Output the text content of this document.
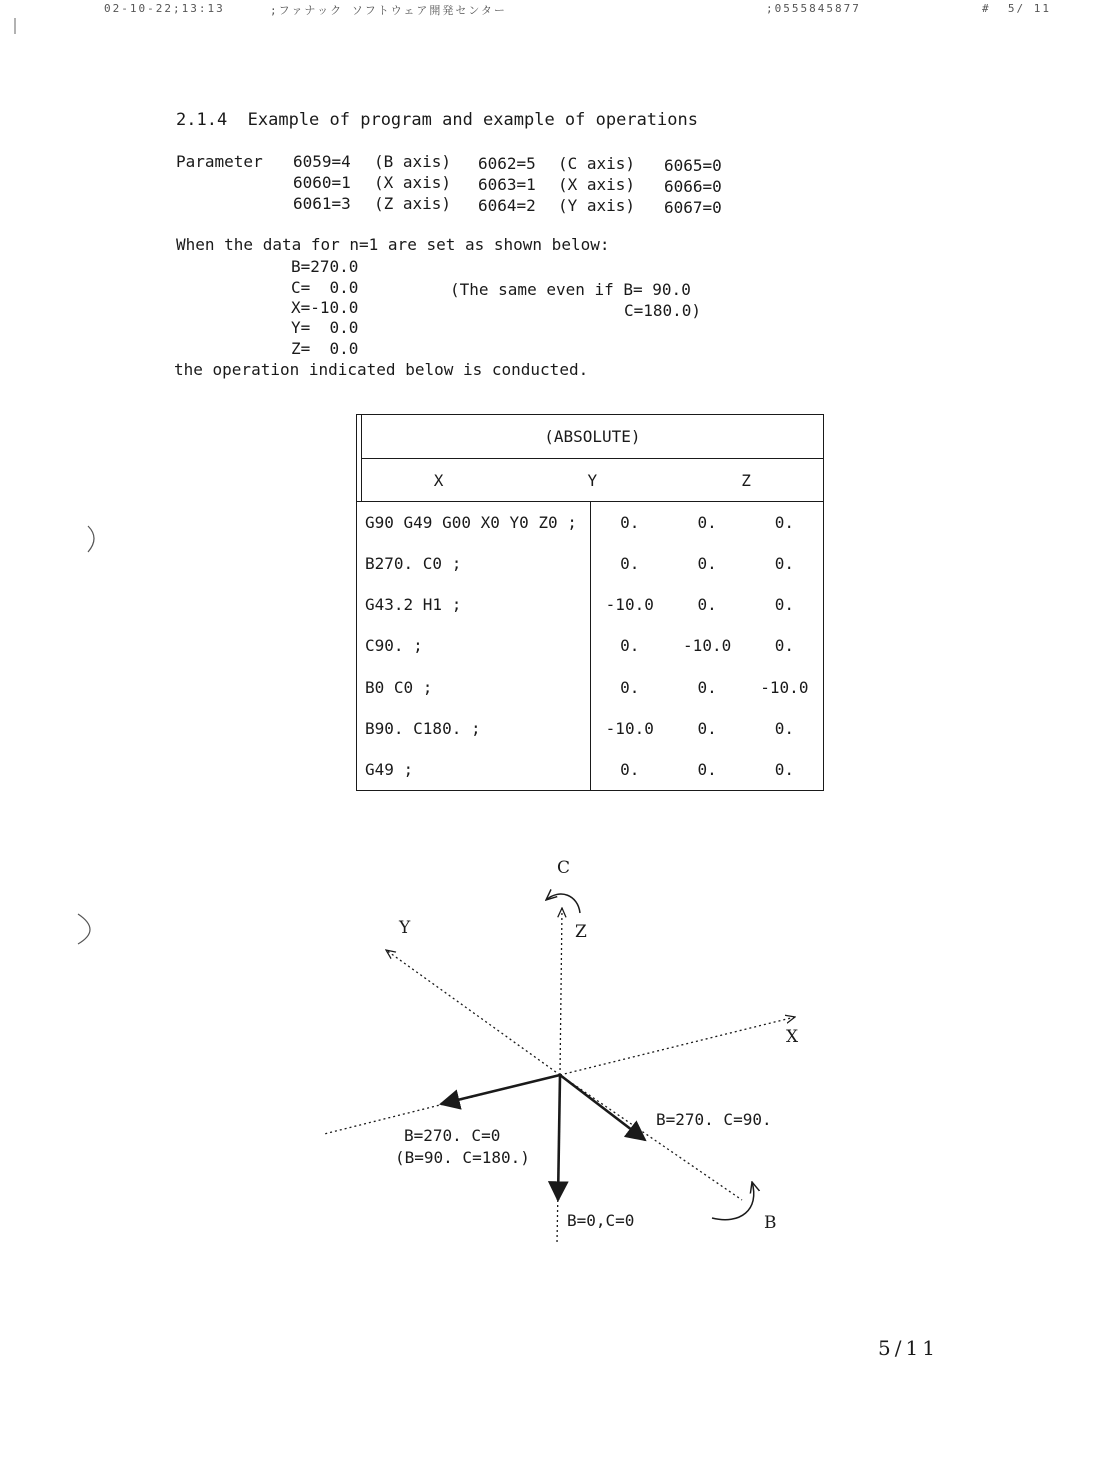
02-10-22;13:13	;ファナック ソフトウェア開発センター	;0555845877	#  5/ 11
2.1.4  Example of program and example of operations
Parameter 6059=4 (B axis) 6062=5 (C axis) 6065=0
6060=1 (X axis) 6063=1 (X axis) 6066=0
6061=3 (Z axis) 6064=2 (Y axis) 6067=0
When the data for n=1 are set as shown below:
B=270.0
C=  0.0
X=-10.0
Y=  0.0
Z=  0.0
(The same even if B= 90.0
C=180.0)
the operation indicated below is conducted.

(ABSOLUTE)
X	Y	Z

G90 G49 G00 X0 Y0 Z0 ;	0.	0.	0.
B270. C0 ;	0.	0.	0.
G43.2 H1 ;	-10.0	0.	0.
C90. ;	0.	-10.0	0.
B0 C0 ;	0.	0.	-10.0
B90. C180. ;	-10.0	0.	0.
G49 ;	0.	0.	0.
C
Z
Y
X
B
B=270. C=90.
B=270. C=0
(B=90. C=180.)
B=0,C=0
5/11
